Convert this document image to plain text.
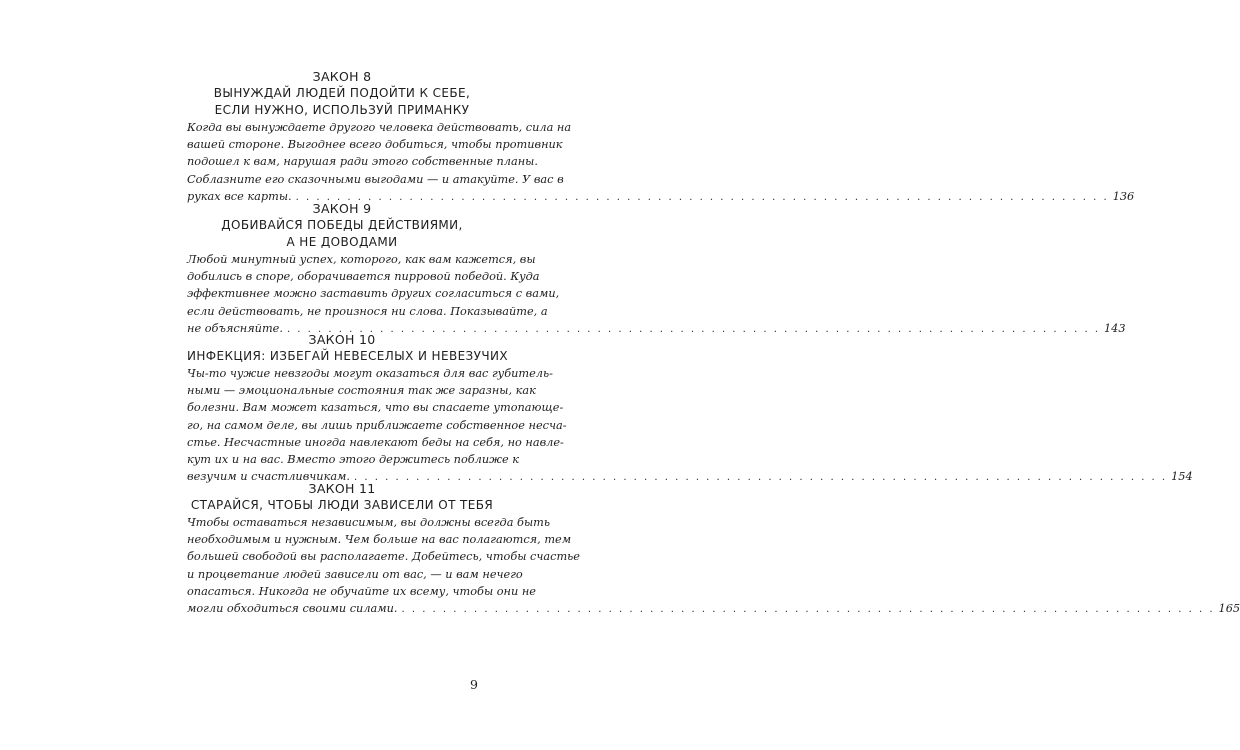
ЗАКОН 8
ВЫНУЖДАЙ ЛЮДЕЙ ПОДОЙТИ К СЕБЕ,
ЕСЛИ НУЖНО, ИСПОЛЬЗУЙ ПРИМАНКУ
Когда вы вынуждаете другого человека действовать, сила на
вашей стороне. Выгоднее всего добиться, чтобы противник
подошел к вам, нарушая ради этого собственные планы.
Соблазните его сказочными выгодами — и атакуйте. У вас в
руках все карты. . . .	136
ЗАКОН 9
ДОБИВАЙСЯ ПОБЕДЫ ДЕЙСТВИЯМИ,
А НЕ ДОВОДАМИ
Любой минутный успех, которого, как вам кажется, вы
добились в споре, оборачивается пирровой победой. Куда
эффективнее можно заставить других согласиться с вами,
если действовать, не произнося ни слова. Показывайте, а
не объясняйте. . . .	143
ЗАКОН 10
ИНФЕКЦИЯ: ИЗБЕГАЙ НЕВЕСЕЛЫХ И НЕВЕЗУЧИХ
Чы-то чужие невзгоды могут оказаться для вас губитель-
ными — эмоциональные состояния так же заразны, как
болезни. Вам может казаться, что вы спасаете утопающе-
го, на самом деле, вы лишь приближаете собственное несча-
стье. Несчастные иногда навлекают беды на себя, но навле-
кут их и на вас. Вместо этого держитесь поближе к
везучим и счастливчикам. . . .	154
ЗАКОН 11
СТАРАЙСЯ, ЧТОБЫ ЛЮДИ ЗАВИСЕЛИ ОТ ТЕБЯ
Чтобы оставаться независимым, вы должны всегда быть
необходимым и нужным. Чем больше на вас полагаются, тем
большей свободой вы располагаете. Добейтесь, чтобы счастье
и процветание людей зависели от вас, — и вам нечего
опасаться. Никогда не обучайте их всему, чтобы они не
могли обходиться своими силами. . . .	165
9
